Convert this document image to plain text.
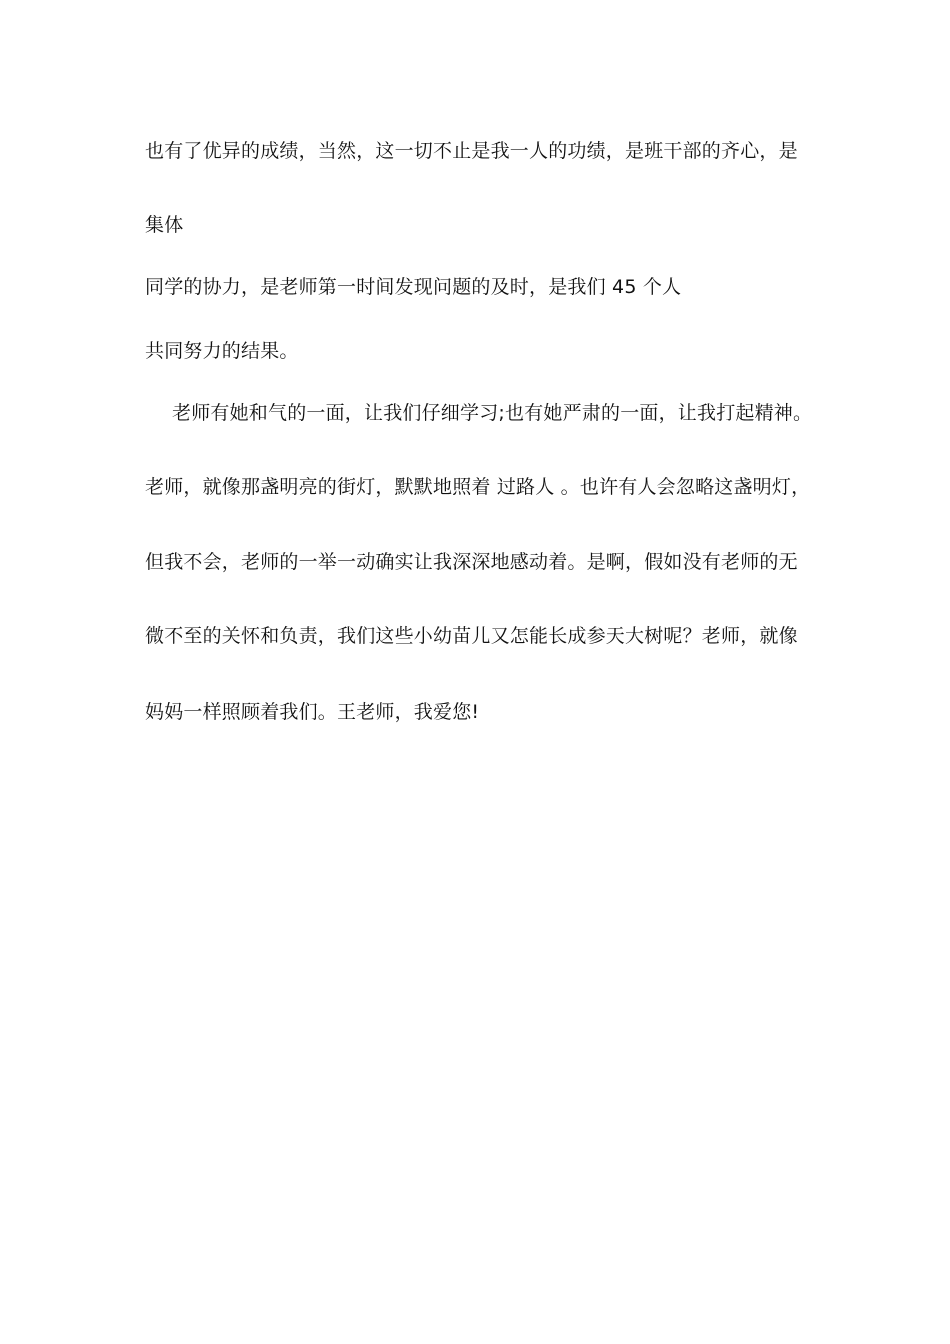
也有了优异的成绩，当然，这一切不止是我一人的功绩，是班干部的齐心，是
集体
同学的协力，是老师第一时间发现问题的及时，是我们 45 个人
共同努力的结果。
老师有她和气的一面，让我们仔细学习;也有她严肃的一面，让我打起精神。
老师，就像那盏明亮的街灯，默默地照着 过路人 。也许有人会忽略这盏明灯，
但我不会，老师的一举一动确实让我深深地感动着。是啊，假如没有老师的无
微不至的关怀和负责，我们这些小幼苗儿又怎能长成参天大树呢？老师，就像
妈妈一样照顾着我们。王老师，我爱您!
